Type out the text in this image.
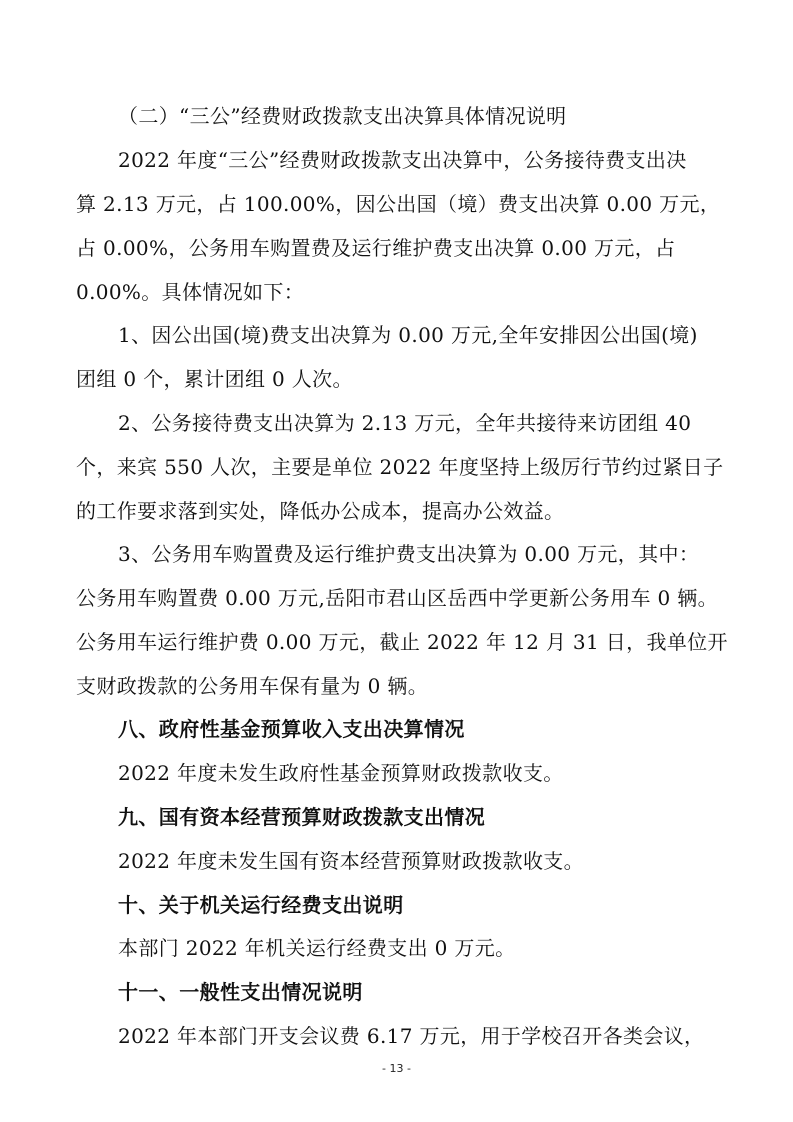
（二）“三公”经费财政拨款支出决算具体情况说明
2022 年度“三公”经费财政拨款支出决算中，公务接待费支出决
算 2.13 万元，占 100.00%，因公出国（境）费支出决算 0.00 万元，
占 0.00%，公务用车购置费及运行维护费支出决算 0.00 万元，占
0.00%。具体情况如下：
1、因公出国(境)费支出决算为 0.00 万元,全年安排因公出国(境)
团组 0 个，累计团组 0 人次。
2、公务接待费支出决算为 2.13 万元，全年共接待来访团组 40
个，来宾 550 人次，主要是单位 2022 年度坚持上级厉行节约过紧日子
的工作要求落到实处，降低办公成本，提高办公效益。
3、公务用车购置费及运行维护费支出决算为 0.00 万元，其中：
公务用车购置费 0.00 万元,岳阳市君山区岳西中学更新公务用车 0 辆。
公务用车运行维护费 0.00 万元，截止 2022 年 12 月 31 日，我单位开
支财政拨款的公务用车保有量为 0 辆。
八、政府性基金预算收入支出决算情况
2022 年度未发生政府性基金预算财政拨款收支。
九、国有资本经营预算财政拨款支出情况
2022 年度未发生国有资本经营预算财政拨款收支。
十、关于机关运行经费支出说明
本部门 2022 年机关运行经费支出 0 万元。
十一、一般性支出情况说明
2022 年本部门开支会议费 6.17 万元，用于学校召开各类会议，
- 13 -
